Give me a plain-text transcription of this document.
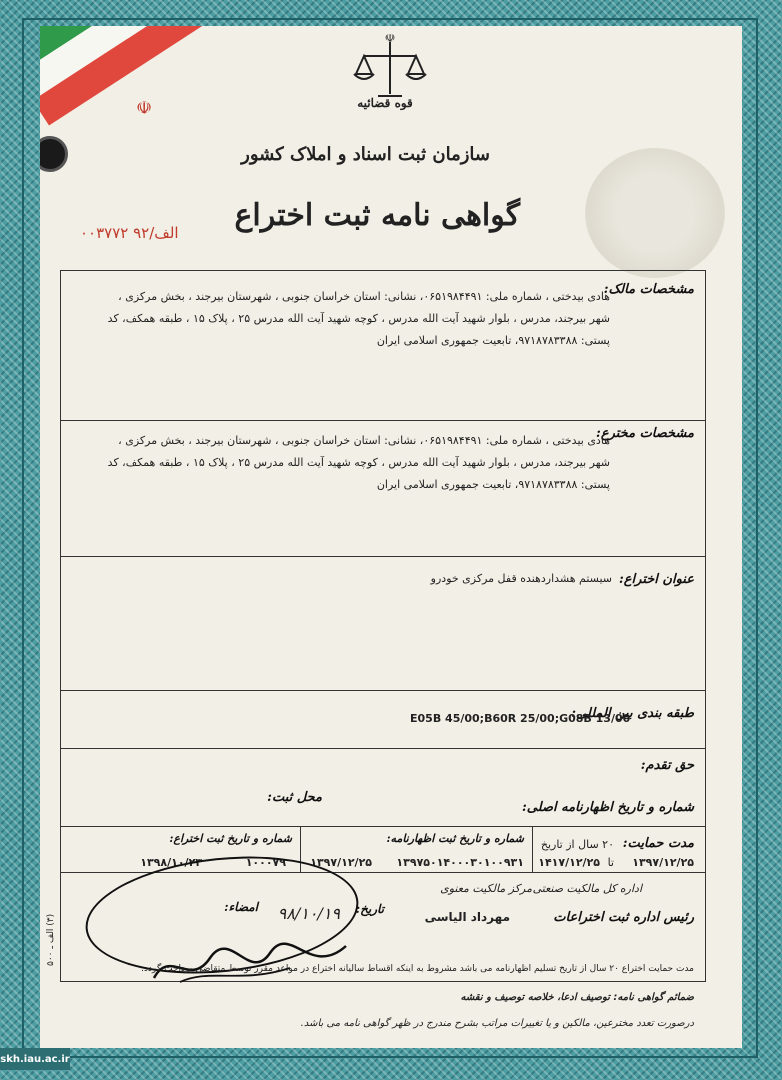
☫
☫
قوه قضائیه
سازمان ثبت اسناد و املاک کشور
گواهی نامه ثبت اختراع
الف/۹۲ ۰۰۳۷۷۲
مشخصات مالک:
هادی بیدختی ، شماره ملی: ۰۶۵۱۹۸۴۴۹۱، نشانی: استان خراسان جنوبی ، شهرستان بیرجند ، بخش مرکزی ، شهر بیرجند، مدرس ، بلوار شهید آیت الله مدرس ، کوچه شهید آیت الله مدرس ۲۵ ، پلاک ۱۵ ، طبقه همکف، کد پستی: ۹۷۱۸۷۸۳۳۸۸، تابعیت جمهوری اسلامی ایران
مشخصات مخترع:
هادی بیدختی ، شماره ملی: ۰۶۵۱۹۸۴۴۹۱، نشانی: استان خراسان جنوبی ، شهرستان بیرجند ، بخش مرکزی ، شهر بیرجند، مدرس ، بلوار شهید آیت الله مدرس ، کوچه شهید آیت الله مدرس ۲۵ ، پلاک ۱۵ ، طبقه همکف، کد پستی: ۹۷۱۸۷۸۳۳۸۸، تابعیت جمهوری اسلامی ایران
عنوان اختراع:
سیستم هشداردهنده قفل مرکزی خودرو
طبقه بندی بین المللی:
E05B 45/00;B60R 25/00;G08B 13/00
حق تقدم:
محل ثبت:
شماره و تاریخ اظهارنامه اصلی:
مدت حمایت:
۲۰ سال از تاریخ
۱۳۹۷/۱۲/۲۵
تا
۱۴۱۷/۱۲/۲۵
شماره و تاریخ ثبت اظهارنامه:
۱۳۹۷۵۰۱۴۰۰۰۳۰۱۰۰۹۳۱
۱۳۹۷/۱۲/۲۵
شماره و تاریخ ثبت اختراع:
۱۰۰۰۷۹
۱۳۹۸/۱۰/۲۳
اداره کل مالکیت صنعتی
مرکز مالکیت معنوی
رئیس اداره ثبت اختراعات
مهرداد الیاسی
تاریخ:
۹۸/۱۰/۱۹
امضاء:
مدت حمایت اختراع ۲۰ سال از تاریخ تسلیم اظهارنامه می باشد مشروط به اینکه اقساط سالیانه اختراع در مواعد مقرر توسط متقاضی پرداخت گردد.
ضمائم گواهی نامه: توصیف ادعا، خلاصه توصیف و نقشه
درصورت تعدد مخترعین، مالکین و یا تغییرات مراتب بشرح مندرج در ظهر گواهی نامه می باشد.
(۳) الف ـ ۵۰۰
skh.iau.ac.ir
